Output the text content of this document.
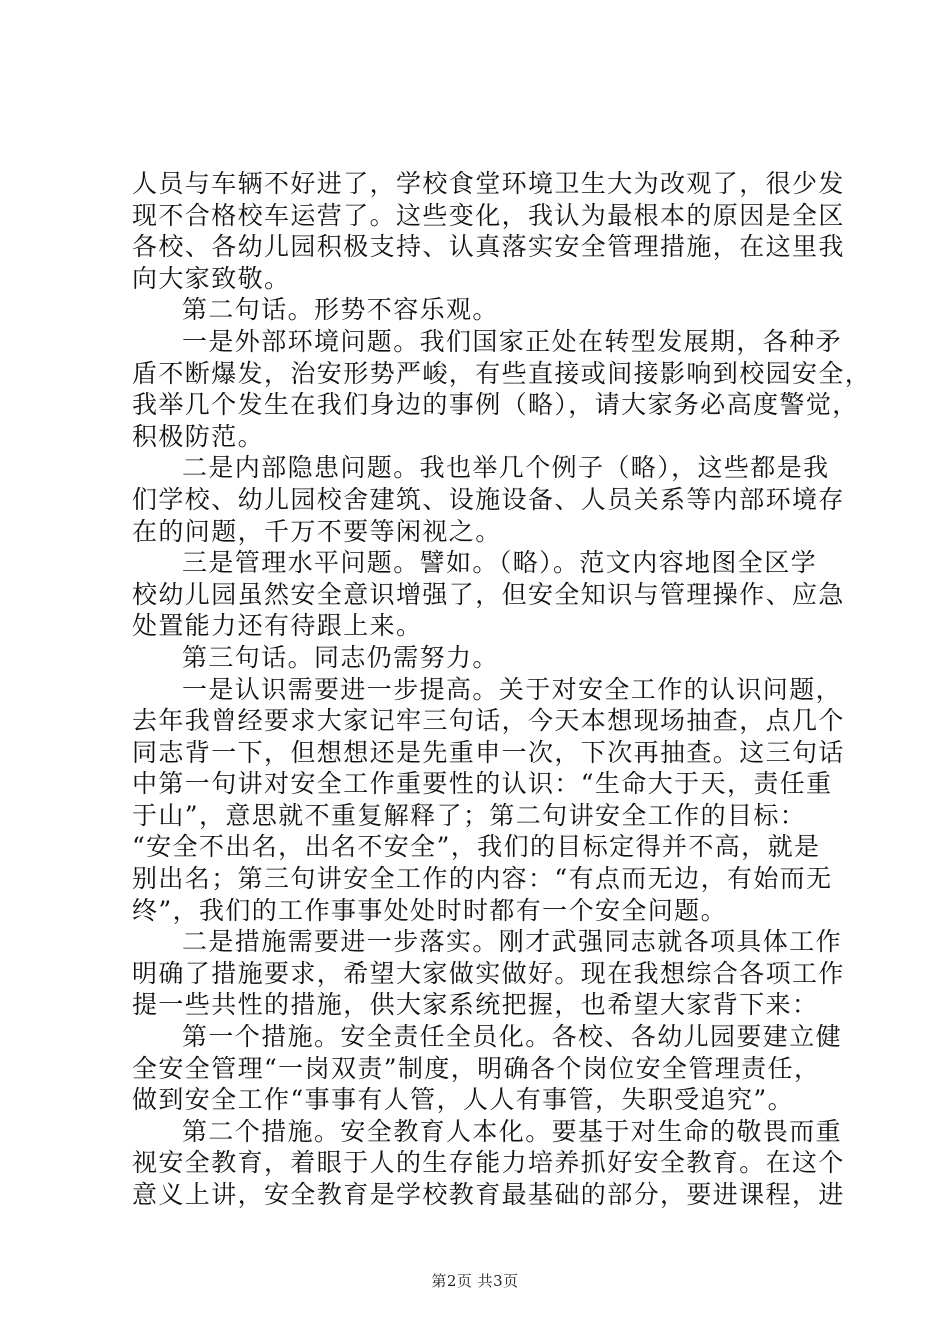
人员与车辆不好进了，学校食堂环境卫生大为改观了，很少发
现不合格校车运营了。这些变化，我认为最根本的原因是全区
各校、各幼儿园积极支持、认真落实安全管理措施，在这里我
向大家致敬。
第二句话。形势不容乐观。
一是外部环境问题。我们国家正处在转型发展期，各种矛
盾不断爆发，治安形势严峻，有些直接或间接影响到校园安全，
我举几个发生在我们身边的事例（略），请大家务必高度警觉，
积极防范。
二是内部隐患问题。我也举几个例子（略），这些都是我
们学校、幼儿园校舍建筑、设施设备、人员关系等内部环境存
在的问题，千万不要等闲视之。
三是管理水平问题。譬如。（略）。范文内容地图全区学
校幼儿园虽然安全意识增强了，但安全知识与管理操作、应急
处置能力还有待跟上来。
第三句话。同志仍需努力。
一是认识需要进一步提高。关于对安全工作的认识问题，
去年我曾经要求大家记牢三句话，今天本想现场抽查，点几个
同志背一下，但想想还是先重申一次，下次再抽查。这三句话
中第一句讲对安全工作重要性的认识：“生命大于天，责任重
于山”，意思就不重复解释了；第二句讲安全工作的目标：
“安全不出名，出名不安全”，我们的目标定得并不高，就是
别出名；第三句讲安全工作的内容：“有点而无边，有始而无
终”，我们的工作事事处处时时都有一个安全问题。
二是措施需要进一步落实。刚才武强同志就各项具体工作
明确了措施要求，希望大家做实做好。现在我想综合各项工作
提一些共性的措施，供大家系统把握，也希望大家背下来：
第一个措施。安全责任全员化。各校、各幼儿园要建立健
全安全管理“一岗双责”制度，明确各个岗位安全管理责任，
做到安全工作“事事有人管，人人有事管，失职受追究”。
第二个措施。安全教育人本化。要基于对生命的敬畏而重
视安全教育，着眼于人的生存能力培养抓好安全教育。在这个
意义上讲，安全教育是学校教育最基础的部分，要进课程，进
第2页 共3页
